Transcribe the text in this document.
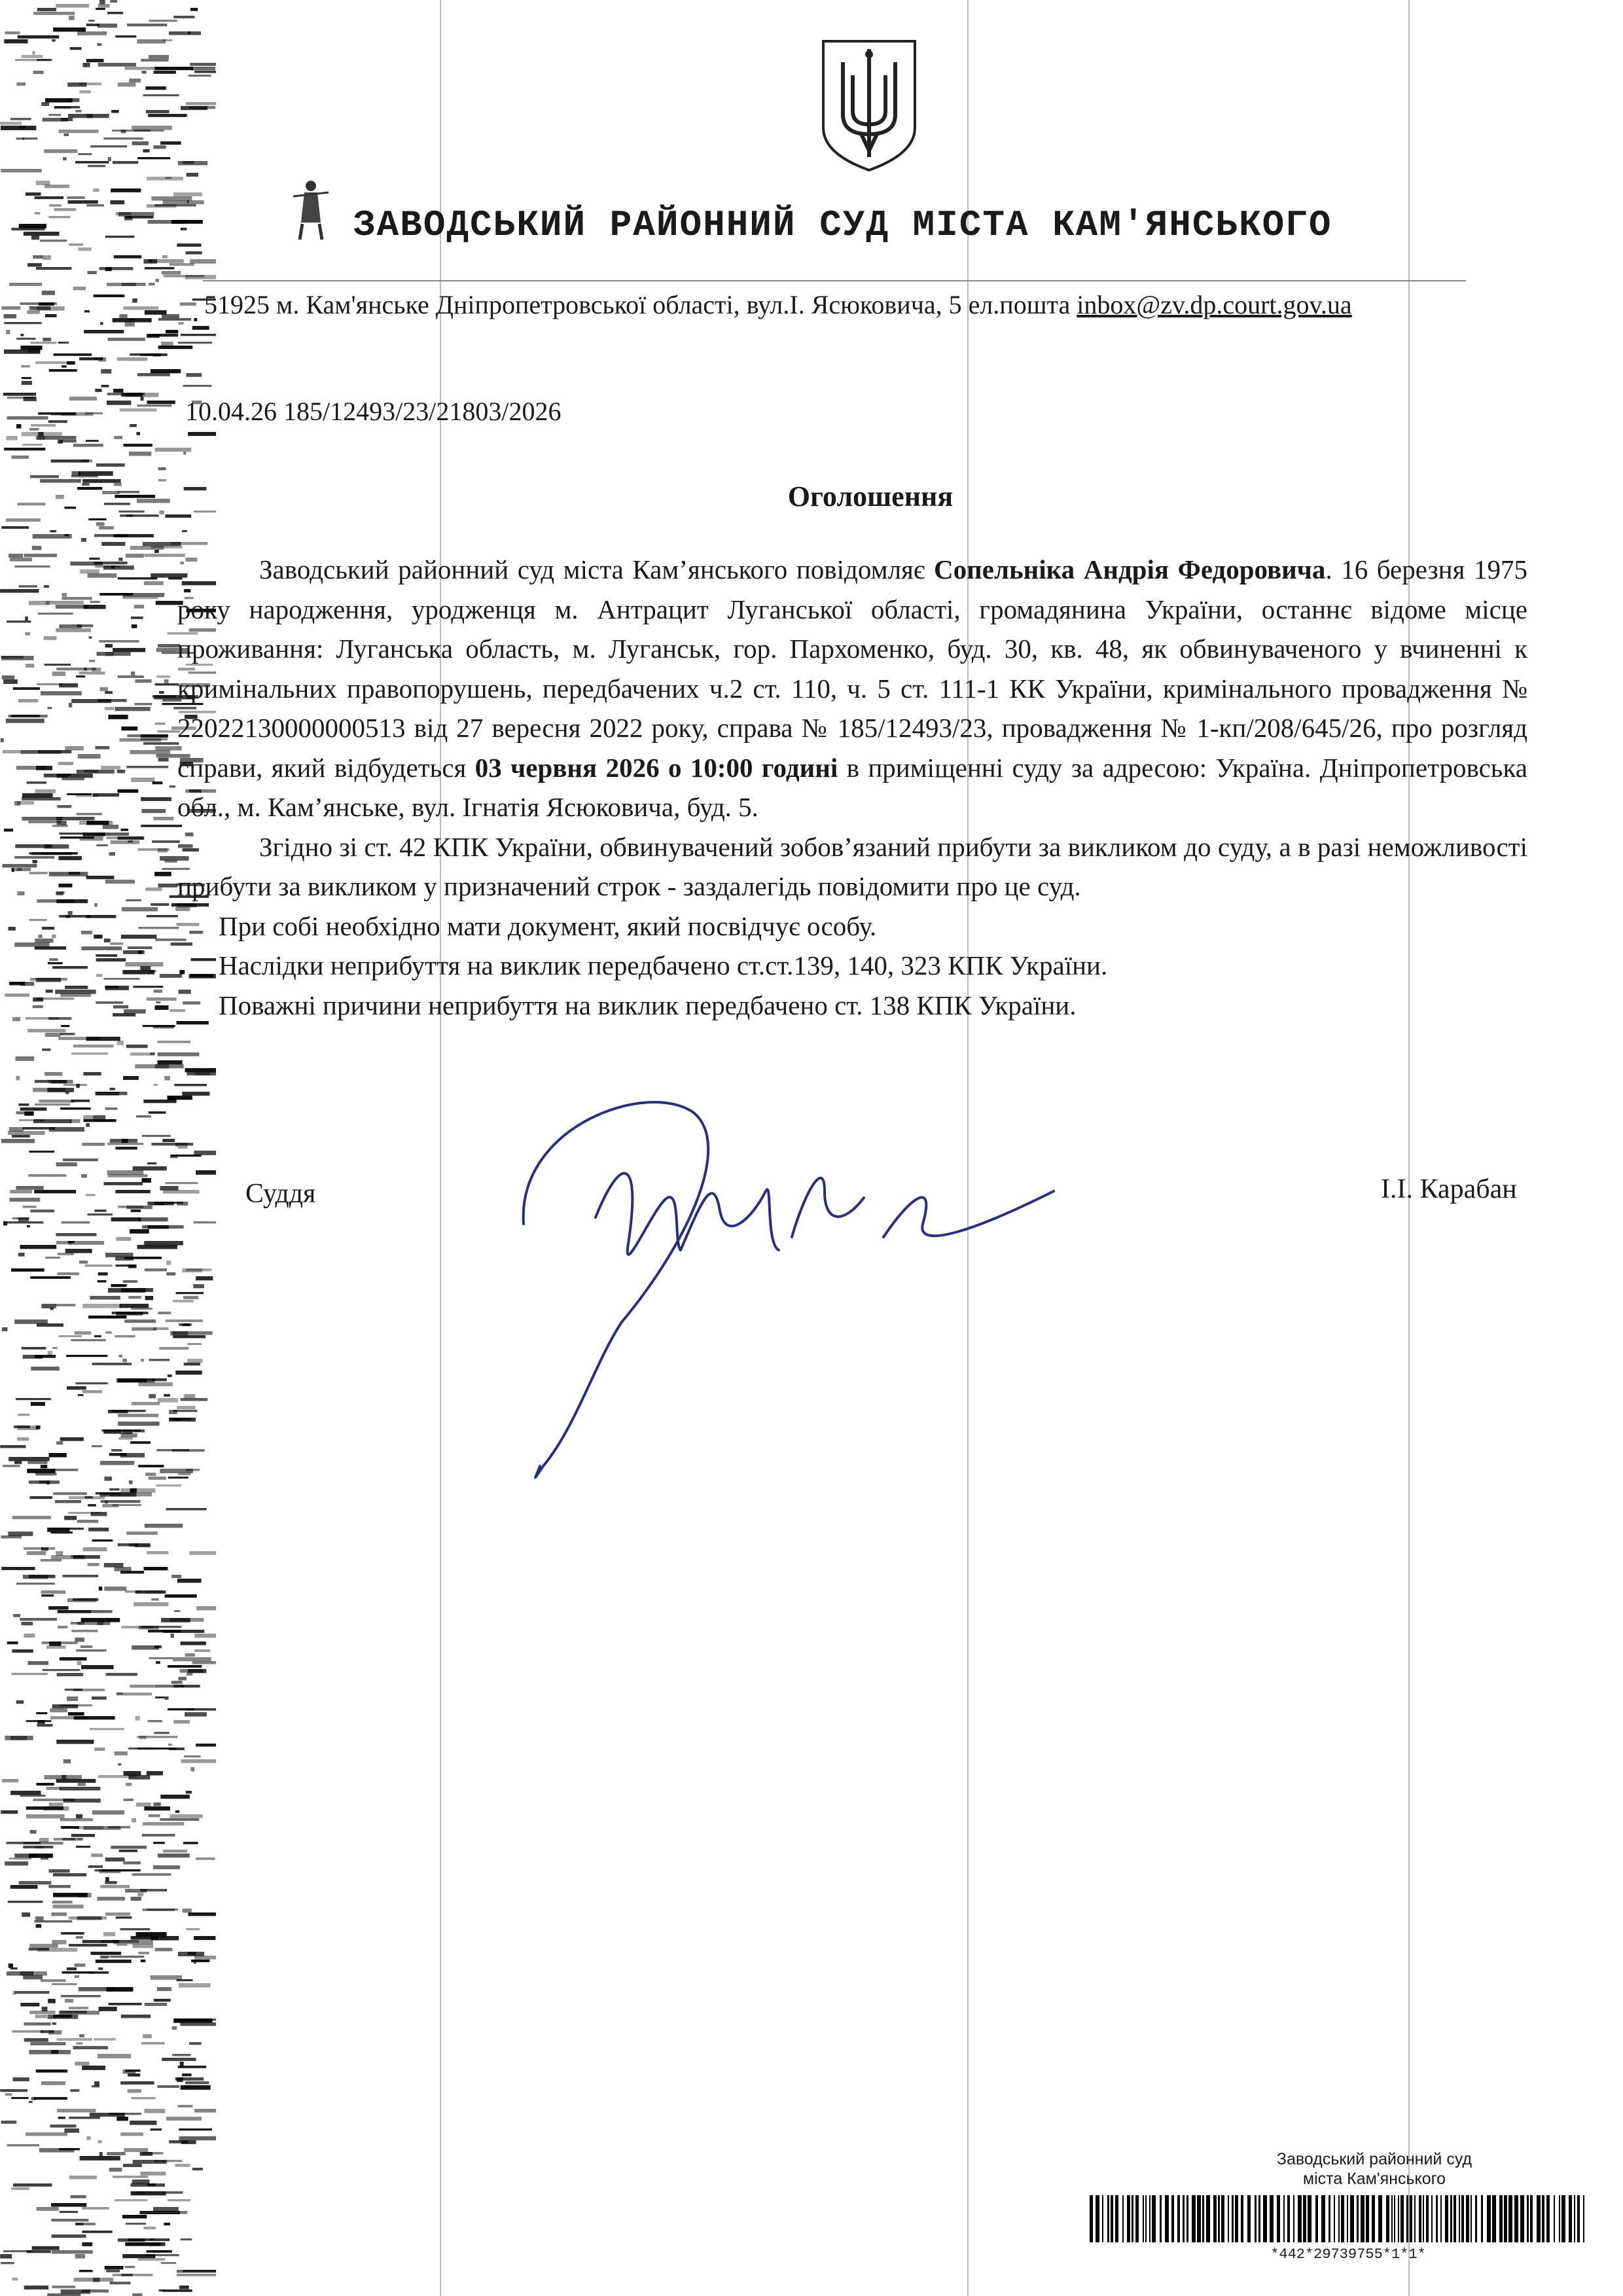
ЗАВОДСЬКИЙ РАЙОННИЙ СУД МІСТА КАМ'ЯНСЬКОГО
51925 м. Кам'янське Дніпропетровської області, вул.І. Ясюковича, 5 ел.пошта inbox@zv.dp.court.gov.ua
10.04.26 185/12493/23/21803/2026
Оголошення

Заводський районний суд міста Кам’янського повідомляє Сопельніка Андрія Федоровича. 16 березня 1975 року народження, уродженця м. Антрацит Луганської області, громадянина України, останнє відоме місце проживання: Луганська область, м. Луганськ, гор. Пархоменко, буд. 30, кв. 48, як обвинуваченого у вчиненні к кримінальних правопорушень, передбачених ч.2 ст. 110, ч. 5 ст. 111-1 КК України, кримінального провадження № 22022130000000513 від 27 вересня 2022 року, справа № 185/12493/23, провадження № 1-кп/208/645/26, про розгляд справи, який відбудеться 03 червня 2026 о 10:00 годині в приміщенні суду за адресою: Україна. Дніпропетровська обл., м. Кам’янське, вул. Ігнатія Ясюковича, буд. 5.

Згідно зі ст. 42 КПК України, обвинувачений зобов’язаний прибути за викликом до суду, а в разі неможливості прибути за викликом у призначений строк - заздалегідь повідомити про це суд.

При собі необхідно мати документ, який посвідчує особу.

Наслідки неприбуття на виклик передбачено ст.ст.139, 140, 323 КПК України.

Поважні причини неприбуття на виклик передбачено ст. 138 КПК України.

Суддя	І.І. Карабан
Заводський районний суд
міста Кам'янського
*442*29739755*1*1*
